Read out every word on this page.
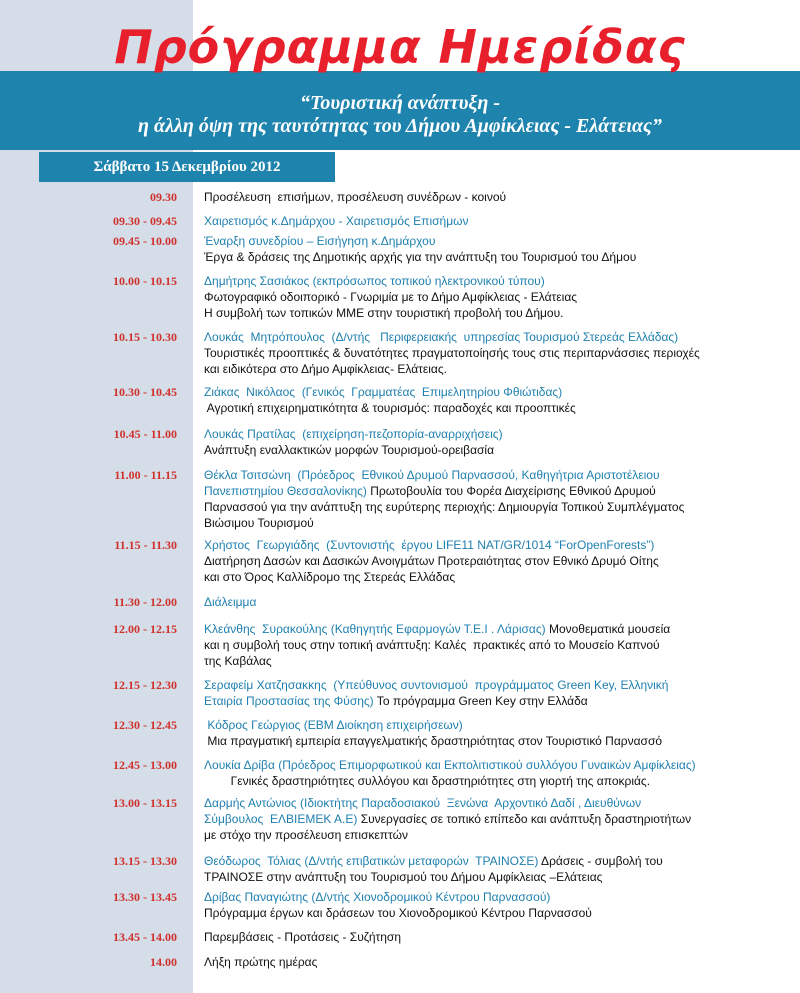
Πρόγραμμα Ημερίδας
“Τουριστική ανάπτυξη -
η άλλη όψη της ταυτότητας του Δήμου Αμφίκλειας - Ελάτειας”
Σάββατο 15 Δεκεμβρίου 2012
09.30 Προσέλευση  επισήμων, προσέλευση συνέδρων - κοινού
09.30 - 09.45 Χαιρετισμός κ.Δημάρχου - Χαιρετισμός Επισήμων
09.45 - 10.00 Έναρξη συνεδρίου – Εισήγηση κ.Δημάρχου
Έργα & δράσεις της Δημοτικής αρχής για την ανάπτυξη του Τουρισμού του Δήμου
10.00 - 10.15 Δημήτρης Σασιάκος (εκπρόσωπος τοπικού ηλεκτρονικού τύπου)
Φωτογραφικό οδοιπορικό - Γνωριμία με το Δήμο Αμφίκλειας - Ελάτειας
Η συμβολή των τοπικών ΜΜΕ στην τουριστική προβολή του Δήμου.
10.15 - 10.30 Λουκάς  Μητρόπουλος  (Δ/ντής   Περιφερειακής  υπηρεσίας Τουρισμού Στερεάς Ελλάδας)
Τουριστικές προοπτικές & δυνατότητες πραγματοποίησής τους στις περιπαρνάσσιες περιοχές
και ειδικότερα στο Δήμο Αμφίκλειας- Ελάτειας.
10.30 - 10.45 Ζιάκας  Νικόλαος  (Γενικός  Γραμματέας  Επιμελητηρίου Φθιώτιδας)
Αγροτική επιχειρηματικότητα & τουρισμός: παραδοχές και προοπτικές
10.45 - 11.00 Λουκάς Πρατίλας  (επιχείρηση-πεζοπορία-αναρριχήσεις)
Ανάπτυξη εναλλακτικών μορφών Τουρισμού-ορειβασία
11.00 - 11.15 Θέκλα Τσιτσώνη  (Πρόεδρος  Εθνικού Δρυμού Παρνασσού, Καθηγήτρια Αριστοτέλειου
Πανεπιστημίου Θεσσαλονίκης) Πρωτοβουλία του Φορέα Διαχείρισης Εθνικού Δρυμού
Παρνασσού για την ανάπτυξη της ευρύτερης περιοχής: Δημιουργία Τοπικού Συμπλέγματος
Βιώσιμου Τουρισμού
11.15 - 11.30 Χρήστος  Γεωργιάδης  (Συντονιστής  έργου LIFE11 NAT/GR/1014 “ForOpenForests”)
Διατήρηση Δασών και Δασικών Ανοιγμάτων Προτεραιότητας στον Εθνικό Δρυμό Οίτης
και στο Όρος Καλλίδρομο της Στερεάς Ελλάδας
11.30 - 12.00 Διάλειμμα
12.00 - 12.15 Κλεάνθης  Συρακούλης (Καθηγητής Εφαρμογών Τ.Ε.Ι . Λάρισας) Μονοθεματικά μουσεία
και η συμβολή τους στην τοπική ανάπτυξη: Καλές  πρακτικές από το Μουσείο Καπνού
της Καβάλας
12.15 - 12.30 Σεραφείμ Χατζησακκης  (Υπεύθυνος συντονισμού  προγράμματος Green Key, Ελληνική
Εταιρία Προστασίας της Φύσης) Το πρόγραμμα Green Key στην Ελλάδα
12.30 - 12.45 Κόδρος Γεώργιος (ΕΒΜ Διοίκηση επιχειρήσεων)
Μια πραγματική εμπειρία επαγγελματικής δραστηριότητας στον Τουριστικό Παρνασσό
12.45 - 13.00 Λουκία Δρίβα (Πρόεδρος Επιμορφωτικού και Εκπολιτιστικού συλλόγου Γυναικών Αμφίκλειας)
Γενικές δραστηριότητες συλλόγου και δραστηριότητες στη γιορτή της αποκριάς.
13.00 - 13.15 Δαρμής Αντώνιος (Ιδιοκτήτης Παραδοσιακού  Ξενώνα  Αρχοντικό Δαδί , Διευθύνων
Σύμβουλος  ΕΛΒΙΕΜΕΚ Α.Ε) Συνεργασίες σε τοπικό επίπεδο και ανάπτυξη δραστηριοτήτων
με στόχο την προσέλευση επισκεπτών
13.15 - 13.30 Θεόδωρος  Τόλιας (Δ/ντής επιβατικών μεταφορών  ΤΡΑΙΝΟΣΕ) Δράσεις - συμβολή του
ΤΡΑΙΝΟΣΕ στην ανάπτυξη του Τουρισμού του Δήμου Αμφίκλειας –Ελάτειας
13.30 - 13.45 Δρίβας Παναγιώτης (Δ/ντής Χιονοδρομικού Κέντρου Παρνασσού)
Πρόγραμμα έργων και δράσεων του Χιονοδρομικού Κέντρου Παρνασσού
13.45 - 14.00 Παρεμβάσεις - Προτάσεις - Συζήτηση
14.00 Λήξη πρώτης ημέρας
